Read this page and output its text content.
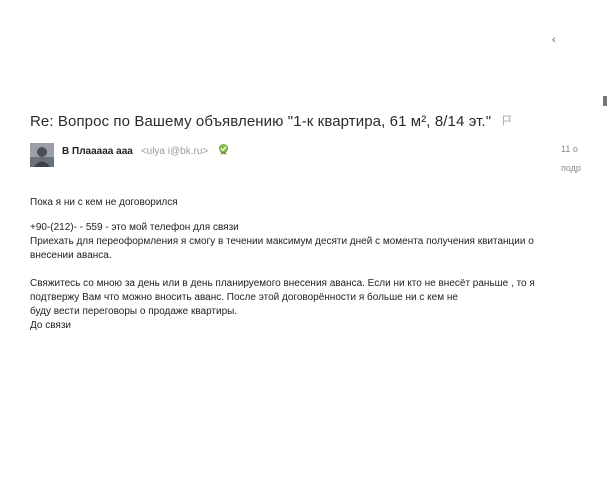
‹
Re: Вопрос по Вашему объявлению "1-к квартира, 61 м², 8/14 эт."
В Плааааа ааа <ulya i@bk.ru>	11 о
подр

Пока я ни с кем не договорился

+90-(212)- - 559 - это мой телефон для связи

Приехать для переоформления я смогу в течении максимум десяти дней с момента получения квитанции о

внесении аванса.

Свяжитесь со мною за день или в день планируемого внесения аванса. Если ни кто не внесёт раньше , то я

подтвержу Вам что можно вносить аванс. После этой договорённости я больше ни с кем не

буду вести переговоры о продаже квартиры.

До связи
